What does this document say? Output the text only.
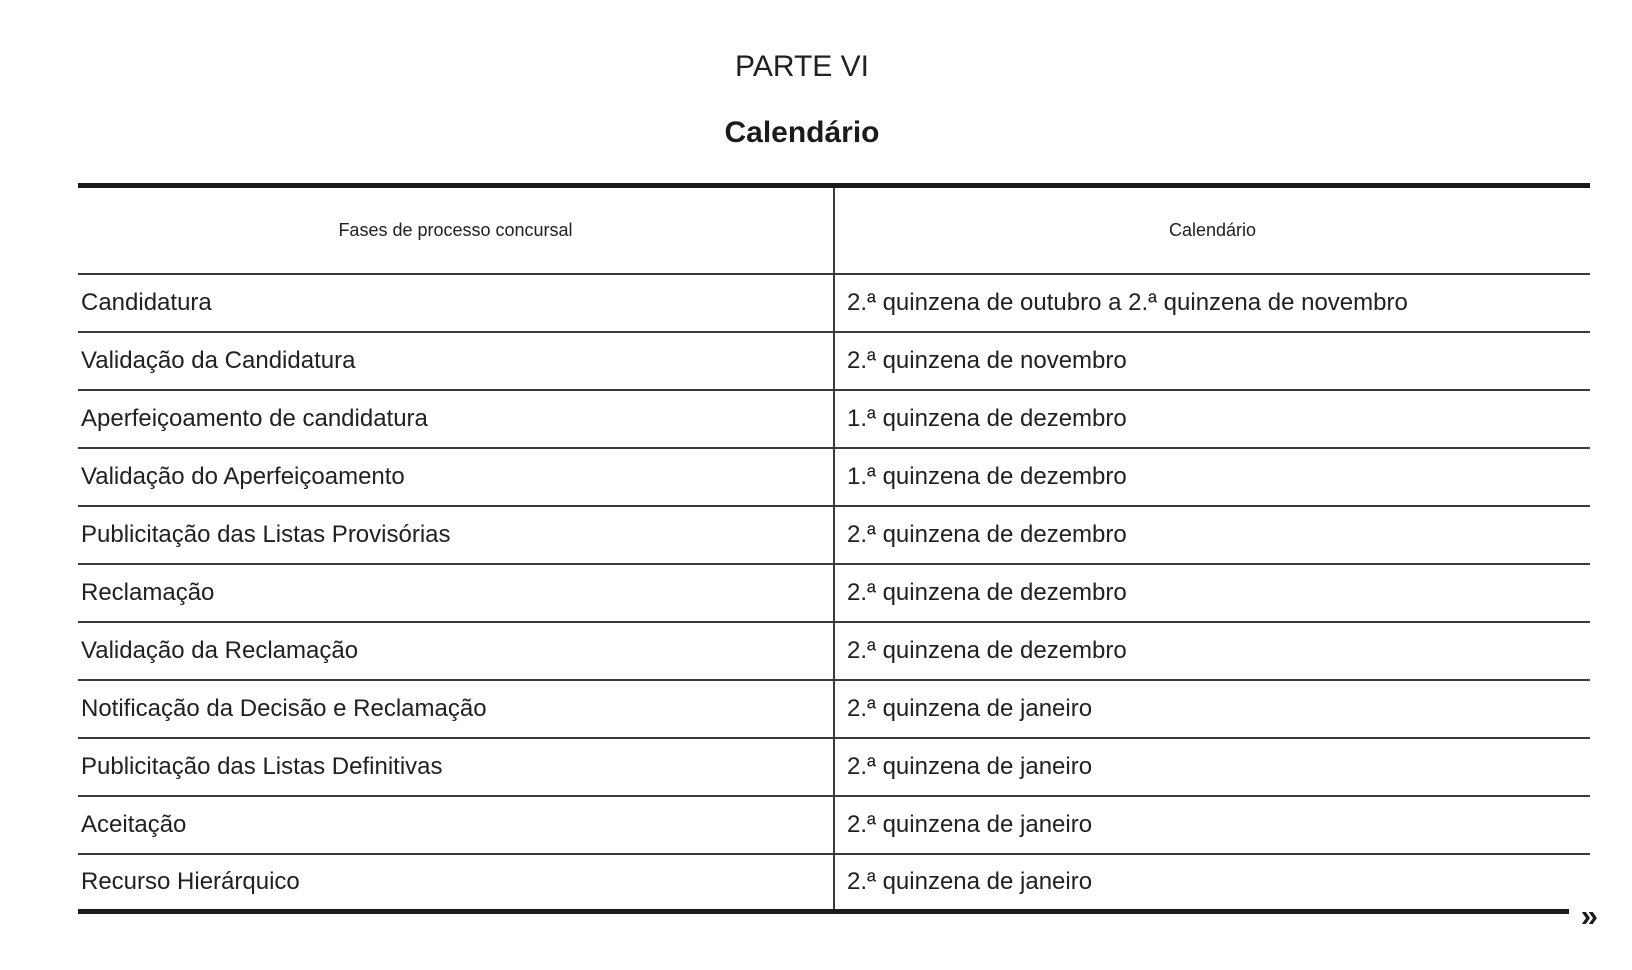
PARTE VI
Calendário
Fases de processo concursal	Calendário
Candidatura	2.ª quinzena de outubro a 2.ª quinzena de novembro
Validação da Candidatura	2.ª quinzena de novembro
Aperfeiçoamento de candidatura	1.ª quinzena de dezembro
Validação do Aperfeiçoamento	1.ª quinzena de dezembro
Publicitação das Listas Provisórias	2.ª quinzena de dezembro
Reclamação	2.ª quinzena de dezembro
Validação da Reclamação	2.ª quinzena de dezembro
Notificação da Decisão e Reclamação	2.ª quinzena de janeiro
Publicitação das Listas Definitivas	2.ª quinzena de janeiro
Aceitação	2.ª quinzena de janeiro
Recurso Hierárquico	2.ª quinzena de janeiro
»
